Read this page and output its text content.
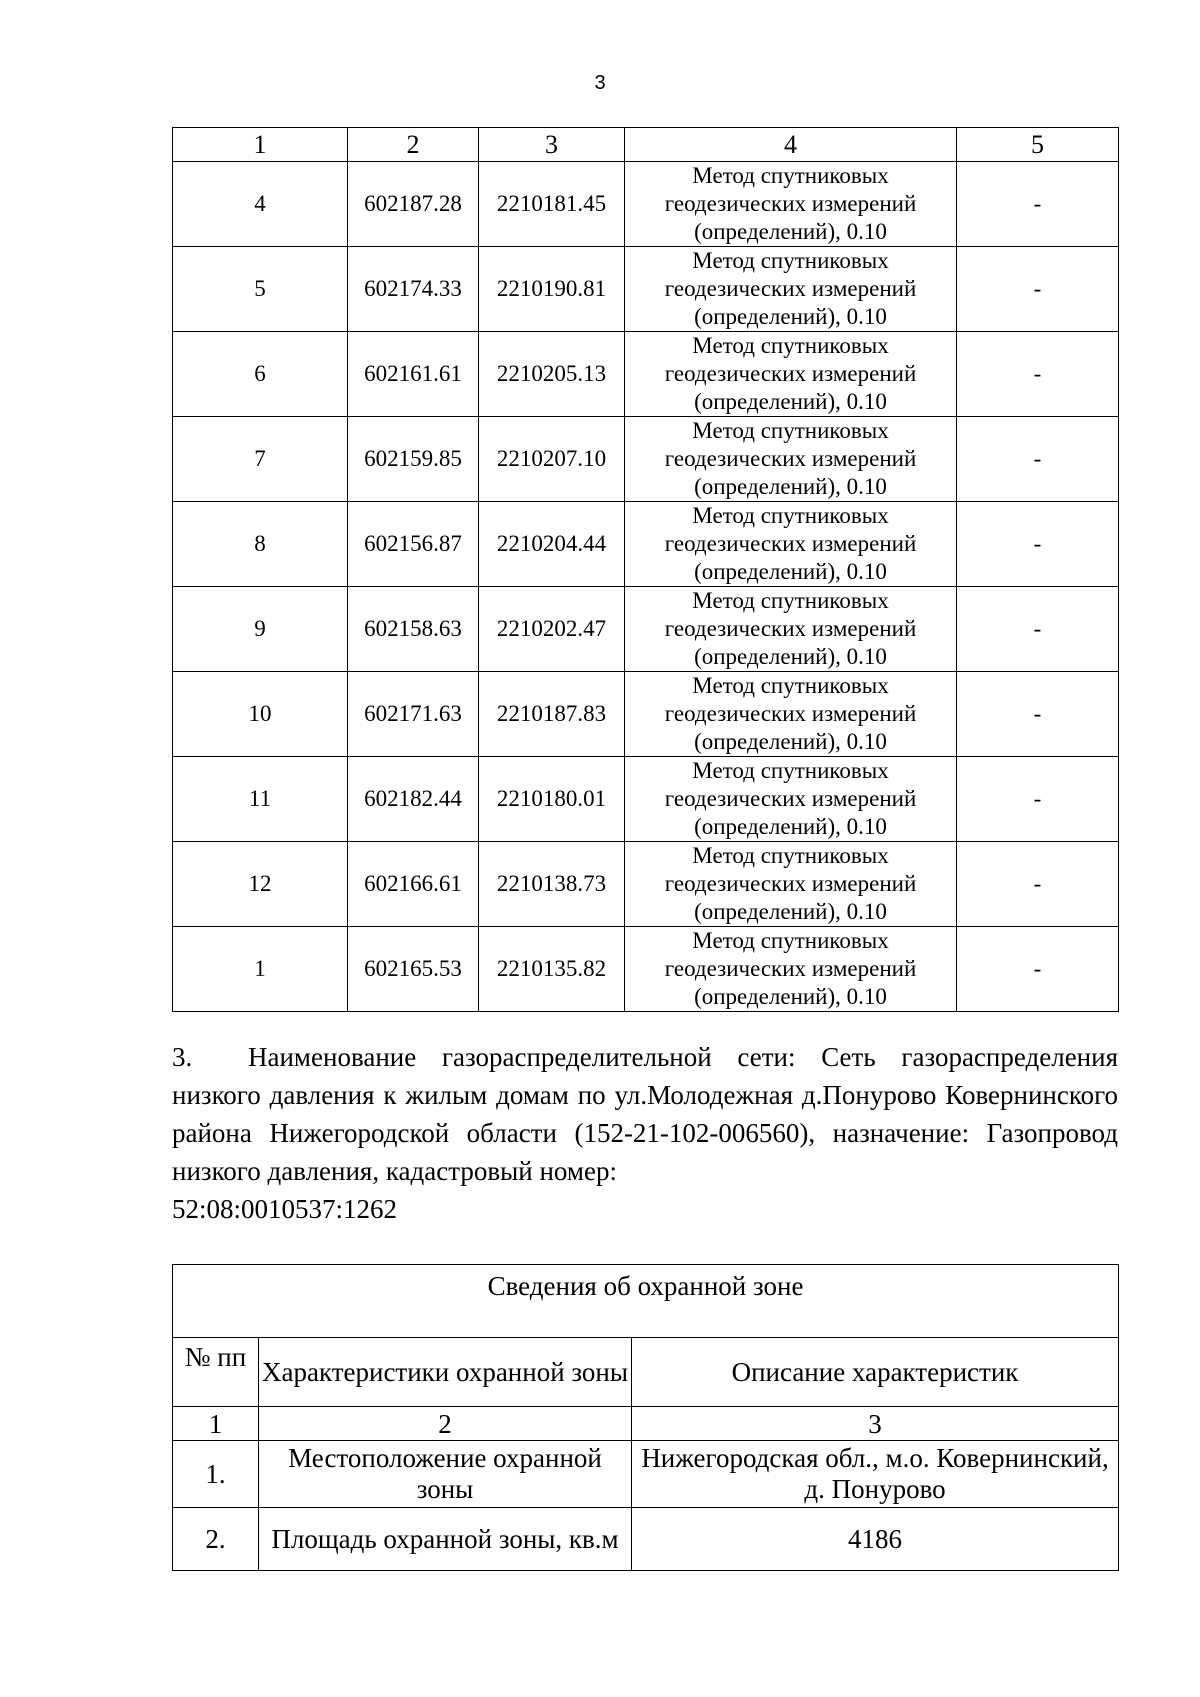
3
1	2	3	4	5
4	602187.28	2210181.45	Метод спутниковых
геодезических измерений
(определений), 0.10	-
5	602174.33	2210190.81	Метод спутниковых
геодезических измерений
(определений), 0.10	-
6	602161.61	2210205.13	Метод спутниковых
геодезических измерений
(определений), 0.10	-
7	602159.85	2210207.10	Метод спутниковых
геодезических измерений
(определений), 0.10	-
8	602156.87	2210204.44	Метод спутниковых
геодезических измерений
(определений), 0.10	-
9	602158.63	2210202.47	Метод спутниковых
геодезических измерений
(определений), 0.10	-
10	602171.63	2210187.83	Метод спутниковых
геодезических измерений
(определений), 0.10	-
11	602182.44	2210180.01	Метод спутниковых
геодезических измерений
(определений), 0.10	-
12	602166.61	2210138.73	Метод спутниковых
геодезических измерений
(определений), 0.10	-
1	602165.53	2210135.82	Метод спутниковых
геодезических измерений
(определений), 0.10	-
3. Наименование газораспределительной сети: Сеть газораспределения низкого давления к жилым домам по ул.Молодежная д.Понурово Ковернинского района Нижегородской области (152-21-102-006560), назначение: Газопровод низкого давления, кадастровый номер:
52:08:0010537:1262
Сведения об охранной зоне		
№ пп	Характеристики охранной зоны	Описание характеристик
1	2	3
1.	Местоположение охранной зоны	Нижегородская обл., м.о. Ковернинский, д. Понурово
2.	Площадь охранной зоны, кв.м	4186
